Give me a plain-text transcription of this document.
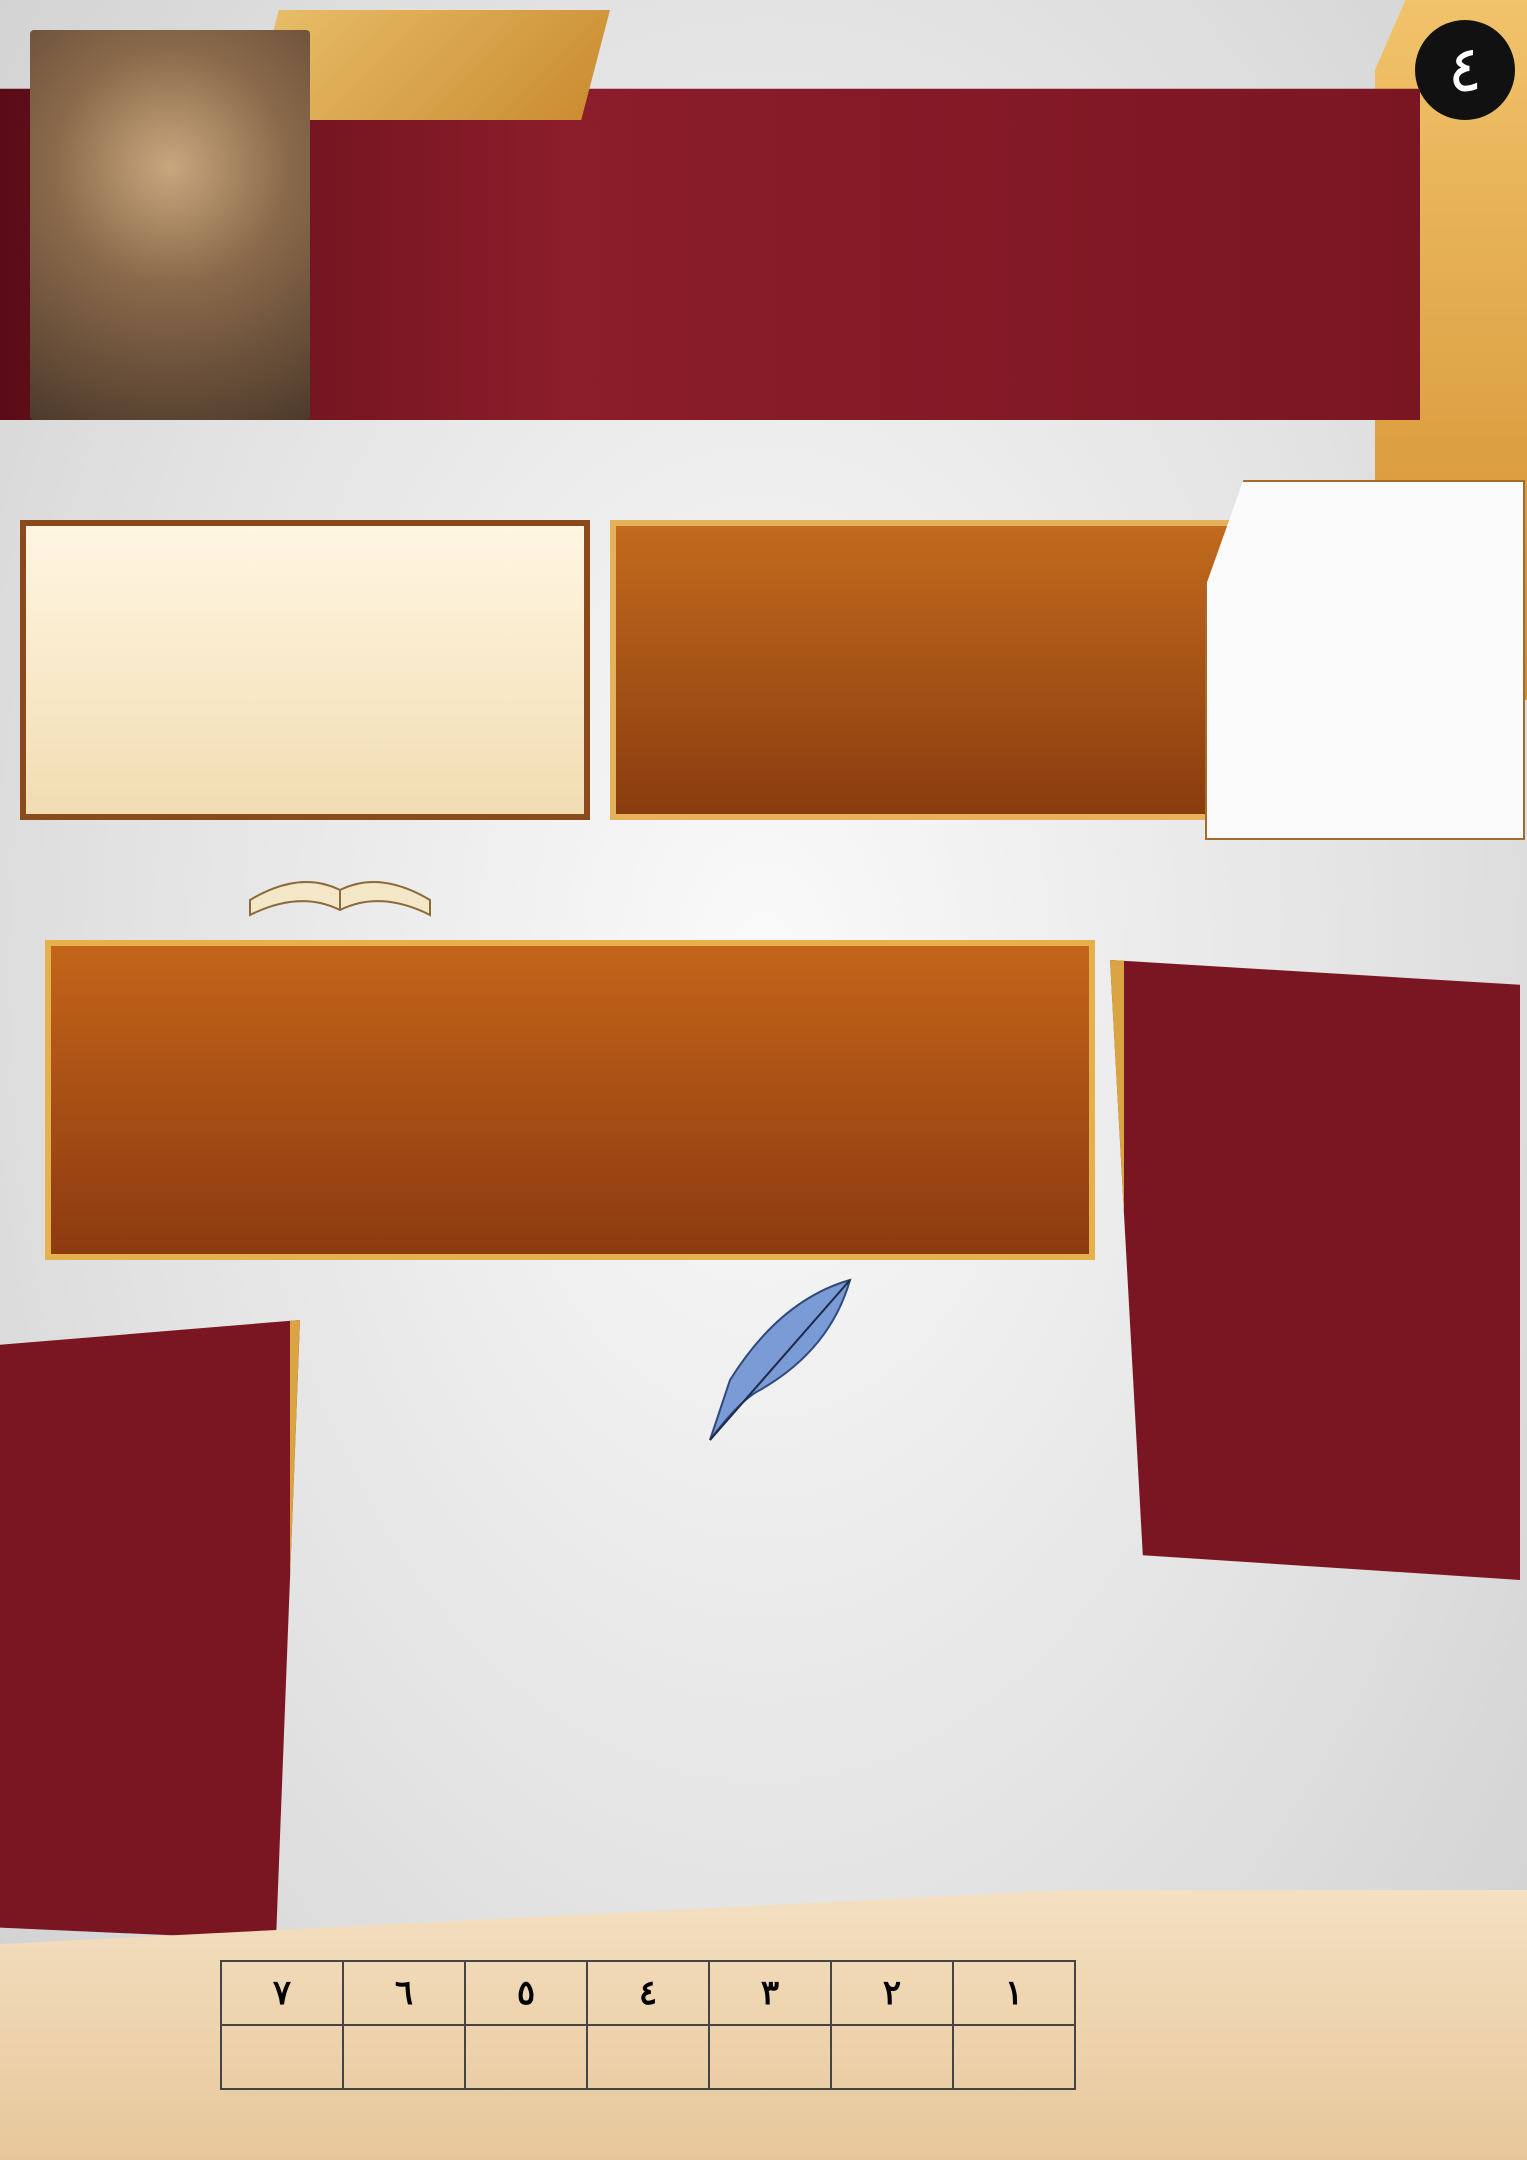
٤
١	٢	٣	٤	٥	٦	٧
